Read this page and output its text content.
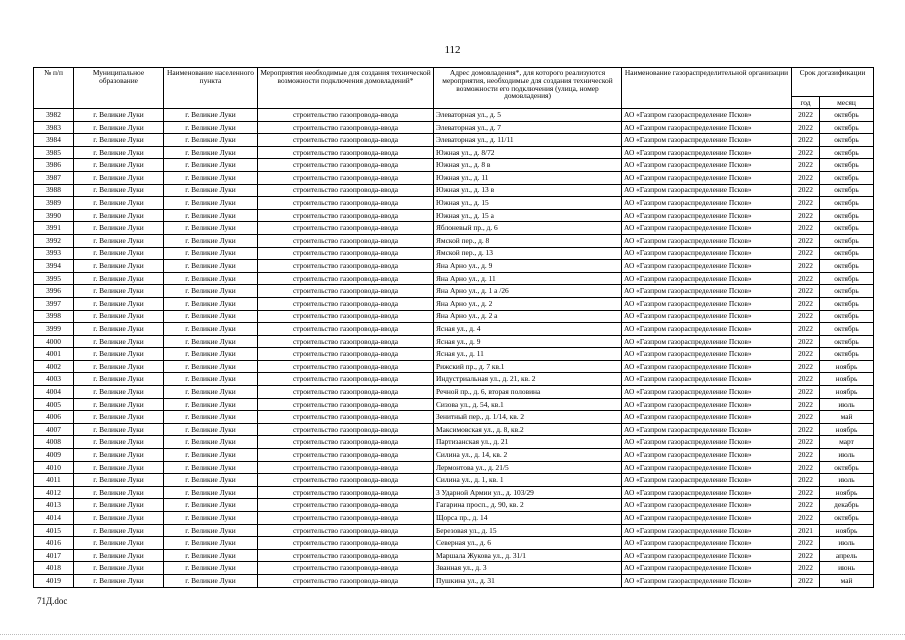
112
№ п/п	Муниципальное образование	Наименование населенного пункта	Мероприятия необходимые для создания технической возможности подключения домовладений*	Адрес домовладения*, для которого реализуются мероприятия, необходимые для создания технической возможности его подключения (улица, номер домовладения)	Наименование газораспределительной организации	Срок догазификации	
						год	месяц
3982	г. Великие Луки	г. Великие Луки	строительство газопровода-ввода	Элеваторная ул., д. 5	АО «Газпром газораспределение Псков»	2022	октябрь
3983	г. Великие Луки	г. Великие Луки	строительство газопровода-ввода	Элеваторная ул., д. 7	АО «Газпром газораспределение Псков»	2022	октябрь
3984	г. Великие Луки	г. Великие Луки	строительство газопровода-ввода	Элеваторная ул., д. 11/11	АО «Газпром газораспределение Псков»	2022	октябрь
3985	г. Великие Луки	г. Великие Луки	строительство газопровода-ввода	Южная ул., д. 8/72	АО «Газпром газораспределение Псков»	2022	октябрь
3986	г. Великие Луки	г. Великие Луки	строительство газопровода-ввода	Южная ул., д. 8 в	АО «Газпром газораспределение Псков»	2022	октябрь
3987	г. Великие Луки	г. Великие Луки	строительство газопровода-ввода	Южная ул., д. 11	АО «Газпром газораспределение Псков»	2022	октябрь
3988	г. Великие Луки	г. Великие Луки	строительство газопровода-ввода	Южная ул., д. 13 в	АО «Газпром газораспределение Псков»	2022	октябрь
3989	г. Великие Луки	г. Великие Луки	строительство газопровода-ввода	Южная ул., д. 15	АО «Газпром газораспределение Псков»	2022	октябрь
3990	г. Великие Луки	г. Великие Луки	строительство газопровода-ввода	Южная ул., д. 15 а	АО «Газпром газораспределение Псков»	2022	октябрь
3991	г. Великие Луки	г. Великие Луки	строительство газопровода-ввода	Яблоневый пр., д. 6	АО «Газпром газораспределение Псков»	2022	октябрь
3992	г. Великие Луки	г. Великие Луки	строительство газопровода-ввода	Ямской пер., д. 8	АО «Газпром газораспределение Псков»	2022	октябрь
3993	г. Великие Луки	г. Великие Луки	строительство газопровода-ввода	Ямской пер., д. 13	АО «Газпром газораспределение Псков»	2022	октябрь
3994	г. Великие Луки	г. Великие Луки	строительство газопровода-ввода	Яна Арно ул., д. 9	АО «Газпром газораспределение Псков»	2022	октябрь
3995	г. Великие Луки	г. Великие Луки	строительство газопровода-ввода	Яна Арно ул., д. 11	АО «Газпром газораспределение Псков»	2022	октябрь
3996	г. Великие Луки	г. Великие Луки	строительство газопровода-ввода	Яна Арно ул., д. 1 а /26	АО «Газпром газораспределение Псков»	2022	октябрь
3997	г. Великие Луки	г. Великие Луки	строительство газопровода-ввода	Яна Арно ул., д. 2	АО «Газпром газораспределение Псков»	2022	октябрь
3998	г. Великие Луки	г. Великие Луки	строительство газопровода-ввода	Яна Арно ул., д. 2 а	АО «Газпром газораспределение Псков»	2022	октябрь
3999	г. Великие Луки	г. Великие Луки	строительство газопровода-ввода	Ясная ул., д. 4	АО «Газпром газораспределение Псков»	2022	октябрь
4000	г. Великие Луки	г. Великие Луки	строительство газопровода-ввода	Ясная ул., д. 9	АО «Газпром газораспределение Псков»	2022	октябрь
4001	г. Великие Луки	г. Великие Луки	строительство газопровода-ввода	Ясная ул., д. 11	АО «Газпром газораспределение Псков»	2022	октябрь
4002	г. Великие Луки	г. Великие Луки	строительство газопровода-ввода	Рижский пр., д. 7 кв.1	АО «Газпром газораспределение Псков»	2022	ноябрь
4003	г. Великие Луки	г. Великие Луки	строительство газопровода-ввода	Индустриальная ул., д. 21, кв. 2	АО «Газпром газораспределение Псков»	2022	ноябрь
4004	г. Великие Луки	г. Великие Луки	строительство газопровода-ввода	Речной пр., д. 6, вторая половина	АО «Газпром газораспределение Псков»	2022	ноябрь
4005	г. Великие Луки	г. Великие Луки	строительство газопровода-ввода	Сизова ул., д. 54, кв.1	АО «Газпром газораспределение Псков»	2022	июль
4006	г. Великие Луки	г. Великие Луки	строительство газопровода-ввода	Зенитный пер., д. 1/14, кв. 2	АО «Газпром газораспределение Псков»	2022	май
4007	г. Великие Луки	г. Великие Луки	строительство газопровода-ввода	Максимовская ул., д. 8, кв.2	АО «Газпром газораспределение Псков»	2022	ноябрь
4008	г. Великие Луки	г. Великие Луки	строительство газопровода-ввода	Партизанская ул., д. 21	АО «Газпром газораспределение Псков»	2022	март
4009	г. Великие Луки	г. Великие Луки	строительство газопровода-ввода	Силина ул., д. 14, кв. 2	АО «Газпром газораспределение Псков»	2022	июль
4010	г. Великие Луки	г. Великие Луки	строительство газопровода-ввода	Лермонтова ул., д. 21/5	АО «Газпром газораспределение Псков»	2022	октябрь
4011	г. Великие Луки	г. Великие Луки	строительство газопровода-ввода	Силина ул., д. 1, кв. 1	АО «Газпром газораспределение Псков»	2022	июль
4012	г. Великие Луки	г. Великие Луки	строительство газопровода-ввода	3 Ударной Армии ул., д. 103/29	АО «Газпром газораспределение Псков»	2022	ноябрь
4013	г. Великие Луки	г. Великие Луки	строительство газопровода-ввода	Гагарина просп., д. 90, кв. 2	АО «Газпром газораспределение Псков»	2022	декабрь
4014	г. Великие Луки	г. Великие Луки	строительство газопровода-ввода	Щорса пр., д. 14	АО «Газпром газораспределение Псков»	2022	октябрь
4015	г. Великие Луки	г. Великие Луки	строительство газопровода-ввода	Березовая ул., д. 15	АО «Газпром газораспределение Псков»	2021	ноябрь
4016	г. Великие Луки	г. Великие Луки	строительство газопровода-ввода	Северная ул., д. 6	АО «Газпром газораспределение Псков»	2022	июль
4017	г. Великие Луки	г. Великие Луки	строительство газопровода-ввода	Маршала Жукова ул., д. 31/1	АО «Газпром газораспределение Псков»	2022	апрель
4018	г. Великие Луки	г. Великие Луки	строительство газопровода-ввода	Званная ул., д. 3	АО «Газпром газораспределение Псков»	2022	июнь
4019	г. Великие Луки	г. Великие Луки	строительство газопровода-ввода	Пушкина ул., д. 31	АО «Газпром газораспределение Псков»	2022	май
71Д.doc
